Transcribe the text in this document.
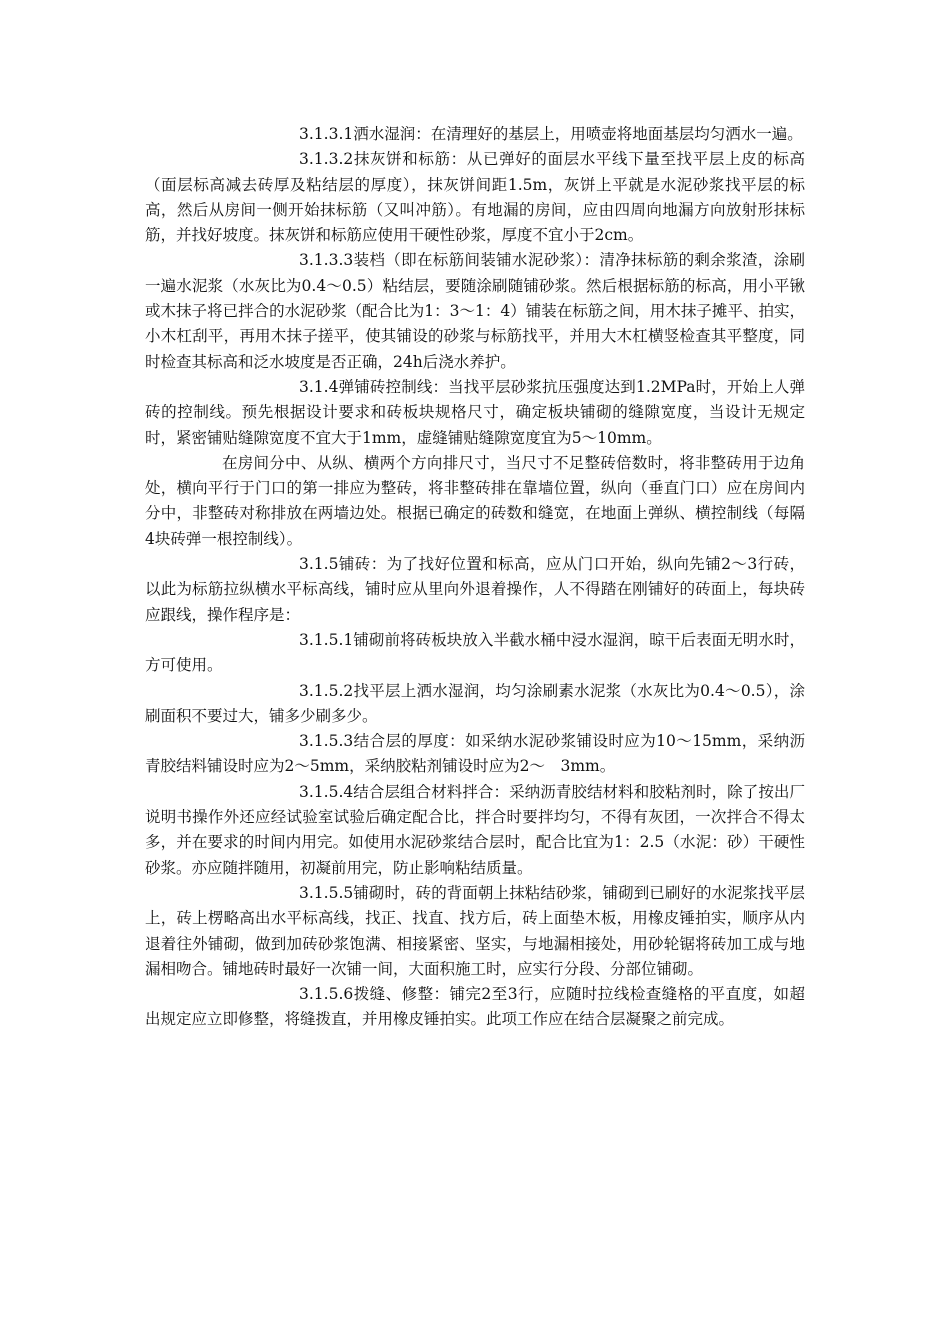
3.1.3.1洒水湿润：在清理好的基层上，用喷壶将地面基层均匀洒水一遍。

3.1.3.2抹灰饼和标筋：从已弹好的面层水平线下量至找平层上皮的标高（面层标高减去砖厚及粘结层的厚度），抹灰饼间距1.5m，灰饼上平就是水泥砂浆找平层的标高，然后从房间一侧开始抹标筋（又叫冲筋）。有地漏的房间，应由四周向地漏方向放射形抹标筋，并找好坡度。抹灰饼和标筋应使用干硬性砂浆，厚度不宜小于2cm。

3.1.3.3装档（即在标筋间装铺水泥砂浆）：清净抹标筋的剩余浆渣，涂刷一遍水泥浆（水灰比为0.4～0.5）粘结层，要随涂刷随铺砂浆。然后根据标筋的标高，用小平锹或木抹子将已拌合的水泥砂浆（配合比为1：3～1：4）铺装在标筋之间，用木抹子摊平、拍实，小木杠刮平，再用木抹子搓平，使其铺设的砂浆与标筋找平，并用大木杠横竖检查其平整度，同时检查其标高和泛水坡度是否正确，24h后浇水养护。

3.1.4弹铺砖控制线：当找平层砂浆抗压强度达到1.2MPa时，开始上人弹砖的控制线。预先根据设计要求和砖板块规格尺寸，确定板块铺砌的缝隙宽度，当设计无规定时，紧密铺贴缝隙宽度不宜大于1mm，虚缝铺贴缝隙宽度宜为5～10mm。

在房间分中、从纵、横两个方向排尺寸，当尺寸不足整砖倍数时，将非整砖用于边角处，横向平行于门口的第一排应为整砖，将非整砖排在靠墙位置，纵向（垂直门口）应在房间内分中，非整砖对称排放在两墙边处。根据已确定的砖数和缝宽，在地面上弹纵、横控制线（每隔4块砖弹一根控制线）。

3.1.5铺砖：为了找好位置和标高，应从门口开始，纵向先铺2～3行砖，以此为标筋拉纵横水平标高线，铺时应从里向外退着操作，人不得踏在刚铺好的砖面上，每块砖应跟线，操作程序是：

3.1.5.1铺砌前将砖板块放入半截水桶中浸水湿润，晾干后表面无明水时，方可使用。

3.1.5.2找平层上洒水湿润，均匀涂刷素水泥浆（水灰比为0.4～0.5），涂刷面积不要过大，铺多少刷多少。

3.1.5.3结合层的厚度：如采纳水泥砂浆铺设时应为10～15mm，采纳沥青胶结料铺设时应为2～5mm，采纳胶粘剂铺设时应为2～　3mm。

3.1.5.4结合层组合材料拌合：采纳沥青胶结材料和胶粘剂时，除了按出厂说明书操作外还应经试验室试验后确定配合比，拌合时要拌均匀，不得有灰团，一次拌合不得太多，并在要求的时间内用完。如使用水泥砂浆结合层时，配合比宜为1：2.5（水泥：砂）干硬性砂浆。亦应随拌随用，初凝前用完，防止影响粘结质量。

3.1.5.5铺砌时，砖的背面朝上抹粘结砂浆，铺砌到已刷好的水泥浆找平层上，砖上楞略高出水平标高线，找正、找直、找方后，砖上面垫木板，用橡皮锤拍实，顺序从内退着往外铺砌，做到加砖砂浆饱满、相接紧密、坚实，与地漏相接处，用砂轮锯将砖加工成与地漏相吻合。铺地砖时最好一次铺一间，大面积施工时，应实行分段、分部位铺砌。

3.1.5.6拨缝、修整：铺完2至3行，应随时拉线检查缝格的平直度，如超出规定应立即修整，将缝拨直，并用橡皮锤拍实。此项工作应在结合层凝聚之前完成。
